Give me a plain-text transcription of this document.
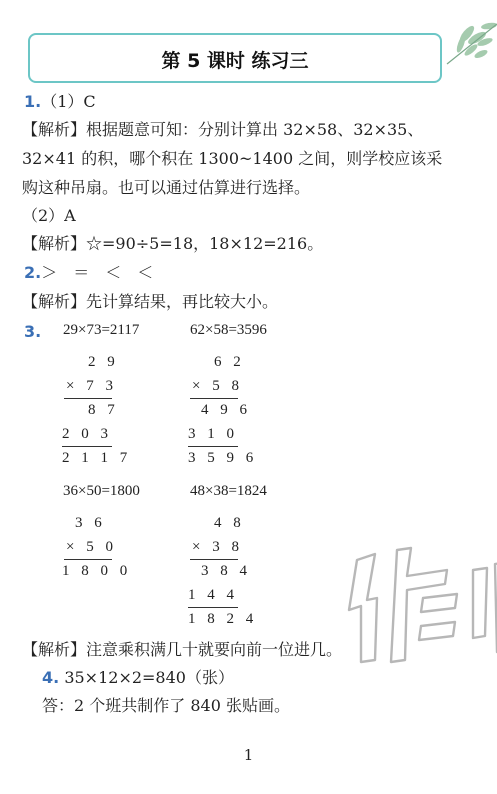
第 5 课时 练习三
1.（1）C
【解析】根据题意可知：分别计算出 32×58、32×35、
32×41 的积，哪个积在 1300~1400 之间，则学校应该采
购这种吊扇。也可以通过估算进行选择。
（2）A
【解析】☆=90÷5=18，18×12=216。
2.＞　＝　＜　＜
【解析】先计算结果，再比较大小。
3. 29×73=2117	62×58=3596
2 9
× 7 3
8 7
2 0 3
2 1 1 7
6 2
× 5 8
4 9 6
3 1 0
3 5 9 6
36×50=1800	48×38=1824
3 6
× 5 0
1 8 0 0
4 8
× 3 8
3 8 4
1 4 4
1 8 2 4
【解析】注意乘积满几十就要向前一位进几。
4. 35×12×2=840（张）
答：2 个班共制作了 840 张贴画。
1
